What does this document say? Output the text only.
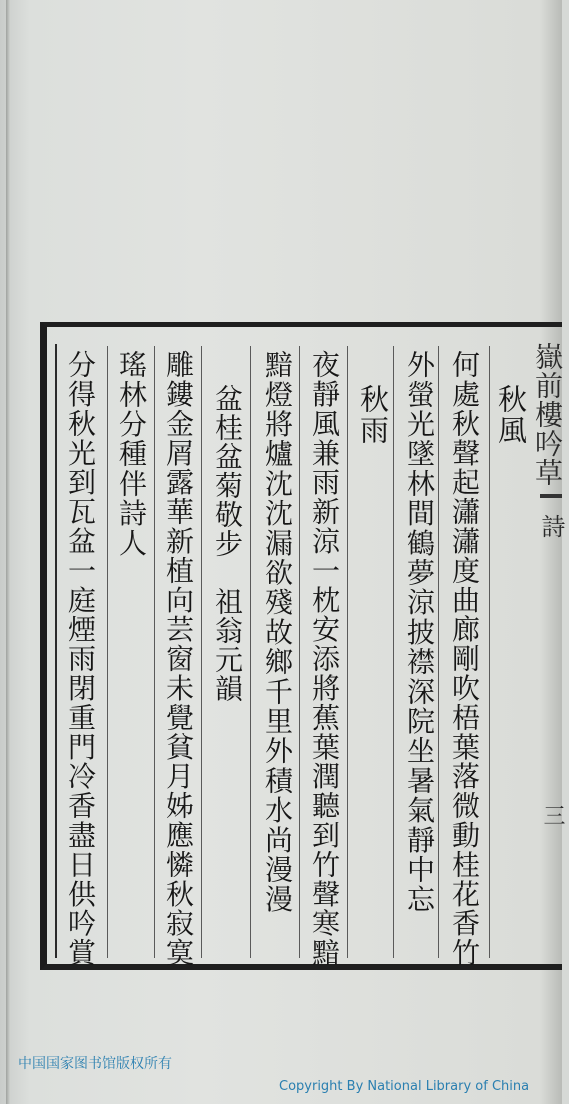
秋風
何處秋聲起瀟瀟度曲廊剛吹梧葉落微動桂花香竹
外螢光墜林間鶴夢涼披襟深院坐暑氣靜中忘
秋雨
夜靜風兼雨新涼一枕安添將蕉葉潤聽到竹聲寒黯
黯燈將爐沈沈漏欲殘故鄉千里外積水尚漫漫
盆桂盆菊敬步　祖翁元韻
雕鏤金屑露華新植向芸窗未覺貧月姊應憐秋寂寞
瑤林分種伴詩人
分得秋光到瓦盆一庭煙雨閉重門冷香盡日供吟賞	嶽前樓吟草
詩
三
中国国家图书馆版权所有
Copyright By National Library of China
